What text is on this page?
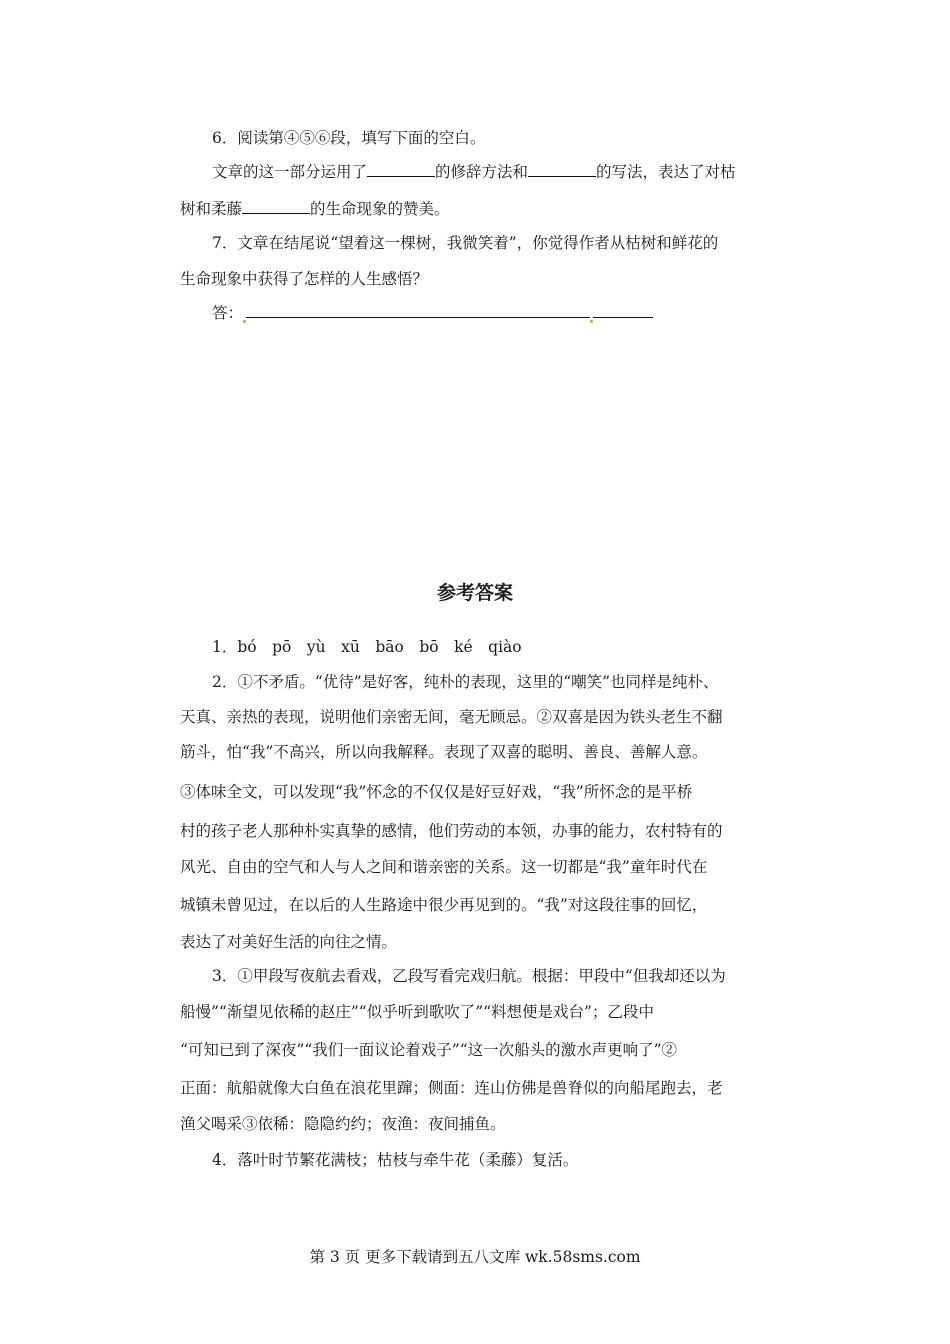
6．阅读第④⑤⑥段，填写下面的空白。
文章的这一部分运用了	的修辞方法和	的写法，表达了对枯
树和柔藤	的生命现象的赞美。
7．文章在结尾说“望着这一棵树，我微笑着”，你觉得作者从枯树和鲜花的
生命现象中获得了怎样的人生感悟？
答：
参考答案
1．bó　pō　yù　xū　bāo　bō　ké　qiào
2．①不矛盾。“优待”是好客，纯朴的表现，这里的“嘲笑”也同样是纯朴、
天真、亲热的表现，说明他们亲密无间，毫无顾忌。②双喜是因为铁头老生不翻
筋斗，怕“我”不高兴，所以向我解释。表现了双喜的聪明、善良、善解人意。
③体味全文，可以发现“我”怀念的不仅仅是好豆好戏，“我”所怀念的是平桥
村的孩子老人那种朴实真挚的感情，他们劳动的本领，办事的能力，农村特有的
风光、自由的空气和人与人之间和谐亲密的关系。这一切都是“我”童年时代在
城镇未曾见过，在以后的人生路途中很少再见到的。“我”对这段往事的回忆，
表达了对美好生活的向往之情。
3．①甲段写夜航去看戏，乙段写看完戏归航。根据：甲段中“但我却还以为
船慢”“渐望见依稀的赵庄”“似乎听到歌吹了”“料想便是戏台”；乙段中
“可知已到了深夜”“我们一面议论着戏子”“这一次船头的激水声更响了”②
正面：航船就像大白鱼在浪花里蹿；侧面：连山仿佛是兽脊似的向船尾跑去，老
渔父喝采③依稀：隐隐约约；夜渔：夜间捕鱼。
4．落叶时节繁花满枝；枯枝与牵牛花（柔藤）复活。
第 3 页 更多下载请到五八文库 wk.58sms.com
